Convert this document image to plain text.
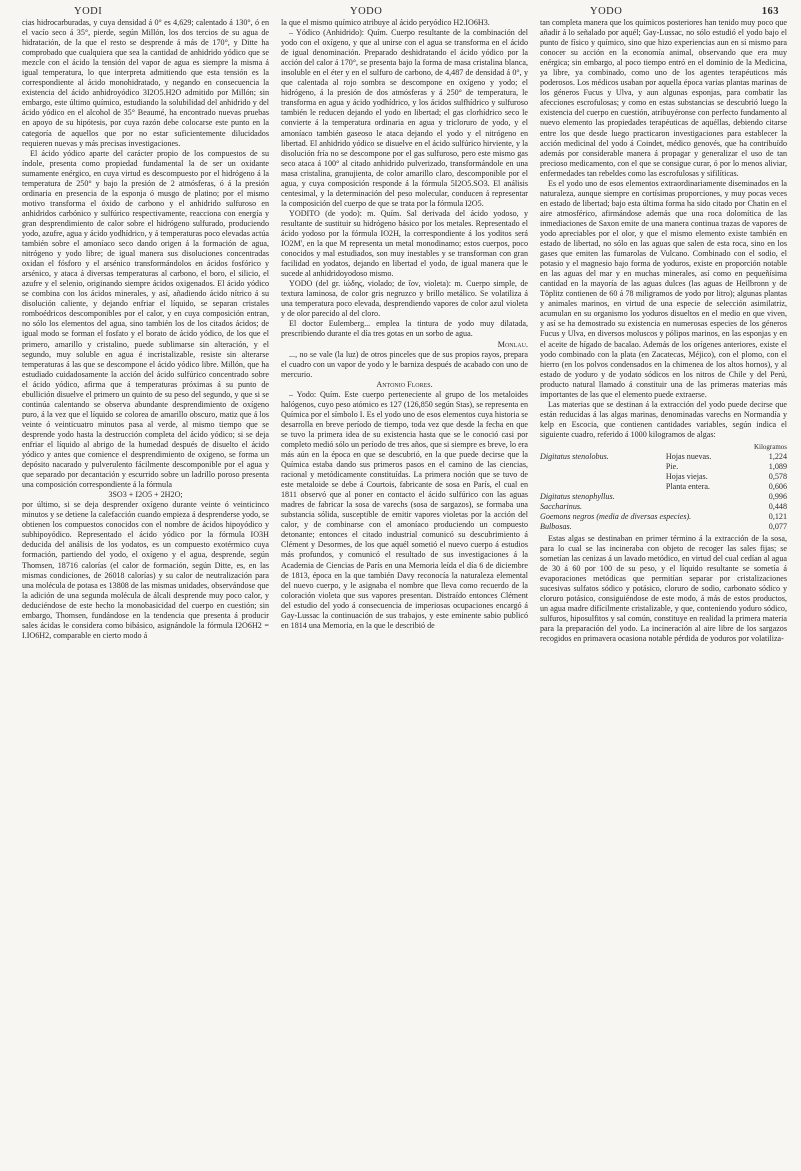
YODI	YODO	YODO	163

cias hidrocarburadas, y cuya densidad á 0° es 4,629; calentado á 130°, ó en el vacío seco á 35°, pierde, según Millón, los dos tercios de su agua de hidratación, de la que el resto se desprende á más de 170°, y Ditte ha comprobado que cualquiera que sea la cantidad de anhidrido yódico que se mezcle con el ácido la tensión del vapor de agua es siempre la misma á igual temperatura, lo que interpreta admitiendo que esta tensión es la correspondiente al ácido monohidratado, y negando en consecuencia la existencia del ácido anhidroyódico 3I2O5.H2O admitido por Millón; sin embargo, este último químico, estudiando la solubilidad del anhidrido y del ácido yódico en el alcohol de 35° Beaumé, ha encontrado nuevas pruebas en apoyo de su hipótesis, por cuya razón debe colocarse este punto en la categoría de aquellos que por no estar suficientemente dilucidados requieren nuevas y más precisas investigaciones.

El ácido yódico aparte del carácter propio de los compuestos de su índole, presenta como propiedad fundamental la de ser un oxidante sumamente enérgico, en cuya virtud es descompuesto por el hidrógeno á la temperatura de 250° y bajo la presión de 2 atmósferas, ó á la presión ordinaria en presencia de la esponja ó musgo de platino; por el mismo motivo transforma el óxido de carbono y el anhidrido sulfuroso en anhidridos carbónico y sulfúrico respectivamente, reacciona con energía y gran desprendimiento de calor sobre el hidrógeno sulfurado, produciendo yodo, azufre, agua y ácido yodhídrico, y á temperaturas poco elevadas actúa también sobre el amoníaco seco dando origen á la formación de agua, nitrógeno y yodo libre; de igual manera sus disoluciones concentradas oxidan el fósforo y el arsénico transformándolos en ácidos fosfórico y arsénico, y ataca á diversas temperaturas al carbono, el boro, el silicio, el azufre y el selenio, originando siempre ácidos oxigenados. El ácido yódico se combina con los ácidos minerales, y así, añadiendo ácido nítrico á su disolución caliente, y dejando enfriar el líquido, se separan cristales romboédricos descomponibles por el calor, y en cuya composición entran, no sólo los elementos del agua, sino también los de los citados ácidos; de igual modo se forman el fosfato y el borato de ácido yódico, de los que el primero, amarillo y cristalino, puede sublimarse sin alteración, y el segundo, muy soluble en agua é incristalizable, resiste sin alterarse temperaturas á las que se descompone el ácido yódico libre. Millón, que ha estudiado cuidadosamente la acción del ácido sulfúrico concentrado sobre el ácido yódico, afirma que á temperaturas próximas á su punto de ebullición disuelve el primero un quinto de su peso del segundo, y que si se continúa calentando se observa abundante desprendimiento de oxígeno puro, á la vez que el líquido se colorea de amarillo obscuro, matiz que á los veinte ó veinticuatro minutos pasa al verde, al mismo tiempo que se desprende yodo hasta la destrucción completa del ácido yódico; si se deja enfriar el líquido al abrigo de la humedad después de disuelto el ácido yódico y antes que comience el desprendimiento de oxígeno, se forma un depósito nacarado y pulverulento fácilmente descomponible por el agua y que separado por decantación y escurrido sobre un ladrillo poroso presenta una composición correspondiente á la fórmula

3SO3 + I2O5 + 2H2O;

por último, si se deja desprender oxígeno durante veinte ó veinticinco minutos y se detiene la calefacción cuando empieza á desprenderse yodo, se obtienen los compuestos conocidos con el nombre de ácidos hipoyódico y subhipoyódico. Representado el ácido yódico por la fórmula IO3H deducida del análisis de los yodatos, es un compuesto exotérmico cuya formación, partiendo del yodo, el oxígeno y el agua, desprende, según Thomsen, 18716 calorías (el calor de formación, según Ditte, es, en las mismas condiciones, de 26018 calorías) y su calor de neutralización para una molécula de potasa es 13808 de las mismas unidades, observándose que la adición de una segunda molécula de álcali desprende muy poco calor, y deduciéndose de este hecho la monobasicidad del cuerpo en cuestión; sin embargo, Thomsen, fundándose en la tendencia que presenta á producir sales ácidas le considera como bibásico, asignándole la fórmula I2O6H2 = I.IO6H2, comparable en cierto modo á

la que el mismo químico atribuye al ácido peryódico H2.IO6H3.

– Yódico (Anhidrido): Quím. Cuerpo resultante de la combinación del yodo con el oxígeno, y que al unirse con el agua se transforma en el ácido de igual denominación. Preparado deshidratando el ácido yódico por la acción del calor á 170°, se presenta bajo la forma de masa cristalina blanca, insoluble en el éter y en el sulfuro de carbono, de 4,487 de densidad á 0°, y que calentada al rojo sombra se descompone en oxígeno y yodo; el hidrógeno, á la presión de dos atmósferas y á 250° de temperatura, le transforma en agua y ácido yodhídrico, y los ácidos sulfhídrico y sulfuroso también le reducen dejando el yodo en libertad; el gas clorhídrico seco le convierte á la temperatura ordinaria en agua y tricloruro de yodo, y el amoníaco también gaseoso le ataca dejando el yodo y el nitrógeno en libertad. El anhidrido yódico se disuelve en el ácido sulfúrico hirviente, y la disolución fría no se descompone por el gas sulfuroso, pero este mismo gas seco ataca á 100° al citado anhidrido pulverizado, transformándole en una masa cristalina, granujienta, de color amarillo claro, descomponible por el agua, y cuya composición responde á la fórmula 5I2O5.SO3. El análisis centesimal, y la determinación del peso molecular, conducen á representar la composición del cuerpo de que se trata por la fórmula I2O5.

YODITO (de yodo): m. Quím. Sal derivada del ácido yodoso, y resultante de sustituir su hidrógeno básico por los metales. Representado el ácido yodoso por la fórmula IO2H, la correspondiente á los yoditos será IO2M', en la que M representa un metal monodinamo; estos cuerpos, poco conocidos y mal estudiados, son muy inestables y se transforman con gran facilidad en yodatos, dejando en libertad el yodo, de igual manera que le sucede al anhidridoyodoso mismo.

YODO (del gr. ἰώδης, violado; de ἴον, violeta): m. Cuerpo simple, de textura laminosa, de color gris negruzco y brillo metálico. Se volatiliza á una temperatura poco elevada, desprendiendo vapores de color azul violeta y de olor parecido al del cloro.

El doctor Eulemberg... emplea la tintura de yodo muy dilatada, prescribiendo durante el día tres gotas en un sorbo de agua.

Monlau.

..., no se vale (la luz) de otros pinceles que de sus propios rayos, prepara el cuadro con un vapor de yodo y le barniza después de acabado con uno de mercurio.

Antonio Flores.

– Yodo: Quím. Este cuerpo perteneciente al grupo de los metaloides halógenos, cuyo peso atómico es 127 (126,850 según Stas), se representa en Química por el símbolo I. Es el yodo uno de esos elementos cuya historia se desarrolla en breve período de tiempo, toda vez que desde la fecha en que se tuvo la primera idea de su existencia hasta que se le conoció casi por completo medió sólo un período de tres años, que si siempre es breve, lo era más aún en la época en que se descubrió, en la que puede decirse que la Química estaba dando sus primeros pasos en el camino de las ciencias, racional y metódicamente constituídas. La primera noción que se tuvo de este metaloide se debe á Courtois, fabricante de sosa en París, el cual en 1811 observó que al poner en contacto el ácido sulfúrico con las aguas madres de fabricar la sosa de varechs (sosa de sargazos), se formaba una substancia sólida, susceptible de emitir vapores violetas por la acción del calor, y de combinarse con el amoníaco produciendo un compuesto detonante; entonces el citado industrial comunicó su descubrimiento á Clément y Desormes, de los que aquél sometió el nuevo cuerpo á estudios más profundos, y comunicó el resultado de sus investigaciones á la Academia de Ciencias de París en una Memoria leída el día 6 de diciembre de 1813, época en la que también Davy reconocía la naturaleza elemental del nuevo cuerpo, y le asignaba el nombre que lleva como recuerdo de la coloración violeta que sus vapores presentan. Distraído entonces Clément del estudio del yodo á consecuencia de imperiosas ocupaciones encargó á Gay-Lussac la continuación de sus trabajos, y este eminente sabio publicó en 1814 una Memoria, en la que le describió de

tan completa manera que los químicos posteriores han tenido muy poco que añadir á lo señalado por aquél; Gay-Lussac, no sólo estudió el yodo bajo el punto de físico y químico, sino que hizo experiencias aun en sí mismo para conocer su acción en la economía animal, observando que era muy enérgica; sin embargo, al poco tiempo entró en el dominio de la Medicina, ya libre, ya combinado, como uno de los agentes terapéuticos más poderosos. Los médicos usaban por aquella época varias plantas marinas de los géneros Fucus y Ulva, y aun algunas esponjas, para combatir las afecciones escrofulosas; y como en estas substancias se descubrió luego la existencia del cuerpo en cuestión, atribuyéronse con perfecto fundamento al nuevo elemento las propiedades terapéuticas de aquéllas, debiendo citarse entre los que desde luego practicaron investigaciones para establecer la acción medicinal del yodo á Coindet, médico genovés, que ha contribuído además por considerable manera á propagar y generalizar el uso de tan precioso medicamento, con el que se consigue curar, ó por lo menos aliviar, enfermedades tan rebeldes como las escrofulosas y sifilíticas.

Es el yodo uno de esos elementos extraordinariamente diseminados en la naturaleza, aunque siempre en cortísimas proporciones, y muy pocas veces en estado de libertad; bajo esta última forma ha sido citado por Chatin en el aire atmosférico, afirmándose además que una roca dolomítica de las inmediaciones de Saxon emite de una manera continua trazas de vapores de yodo apreciables por el olor, y que el mismo elemento existe también en estado de libertad, no sólo en las aguas que salen de esta roca, sino en los gases que emiten las fumarolas de Vulcano. Combinado con el sodio, el potasio y el magnesio bajo forma de yoduros, existe en proporción notable en las aguas del mar y en muchas minerales, así como en pequeñísima cantidad en la mayoría de las aguas dulces (las aguas de Heilbronn y de Töplitz contienen de 60 á 78 miligramos de yodo por litro); algunas plantas y animales marinos, en virtud de una especie de selección asimilatriz, acumulan en su organismo los yoduros disueltos en el medio en que viven, y así se ha demostrado su existencia en numerosas especies de los géneros Fucus y Ulva, en diversos moluscos y pólipos marinos, en las esponjas y en el aceite de hígado de bacalao. Además de los orígenes anteriores, existe el yodo combinado con la plata (en Zacatecas, Méjico), con el plomo, con el hierro (en los polvos condensados en la chimenea de los altos hornos), y al estado de yoduro y de yodato sódicos en los nitros de Chile y del Perú, producto natural llamado á constituir una de las primeras materias más importantes de las que el elemento puede extraerse.

Las materias que se destinan á la extracción del yodo puede decirse que están reducidas á las algas marinas, denominadas varechs en Normandía y kelp en Escocia, que contienen cantidades variables, según indica el siguiente cuadro, referido á 1000 kilogramos de algas:

		Kilogramos
Digitatus stenolobus.	Hojas nuevas.	1,224
	Pie.	1,089
	Hojas viejas.	0,578
	Planta entera.	0,606
Digitatus stenophyllus.		0,996
Saccharinus.		0,448
Goemons negros (media de diversas especies).		0,121
Bulbosas.		0,077

Estas algas se destinaban en primer término á la extracción de la sosa, para lo cual se las incineraba con objeto de recoger las sales fijas; se sometían las cenizas á un lavado metódico, en virtud del cual cedían al agua de 30 á 60 por 100 de su peso, y el líquido resultante se sometía á evaporaciones metódicas que permitían separar por cristalizaciones sucesivas sulfatos sódico y potásico, cloruro de sodio, carbonato sódico y cloruro potásico, consiguiéndose de este modo, á más de estos productos, un agua madre difícilmente cristalizable, y que, conteniendo yoduro sódico, sulfuros, hiposulfitos y sal común, constituye en realidad la primera materia para la preparación del yodo. La incineración al aire libre de los sargazos recogidos en primavera ocasiona notable pérdida de yoduros por volatiliza-
